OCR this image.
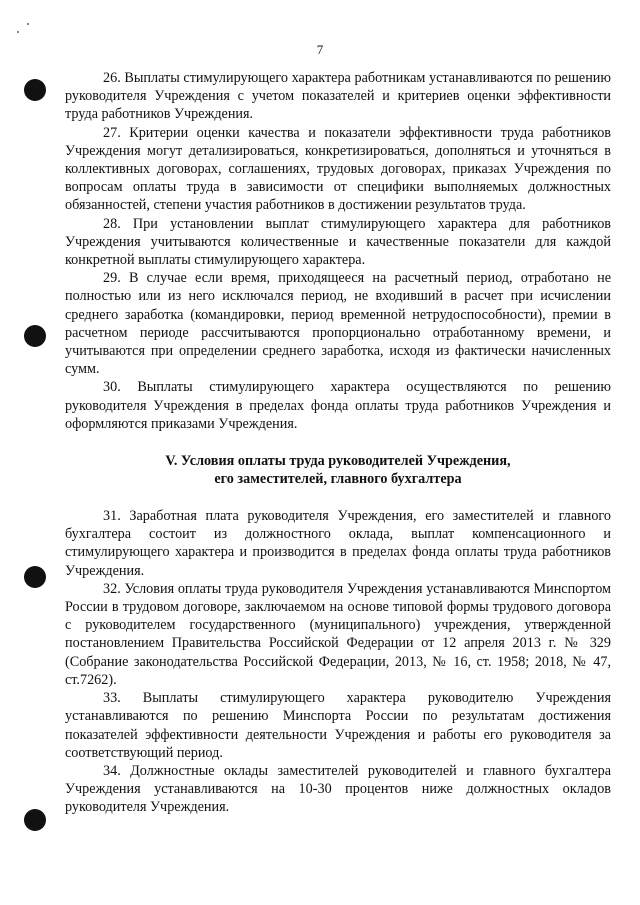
7

26. Выплаты стимулирующего характера работникам устанавливаются по решению руководителя Учреждения с учетом показателей и критериев оценки эффективности труда работников Учреждения.

27. Критерии оценки качества и показатели эффективности труда работников Учреждения могут детализироваться, конкретизироваться, дополняться и уточняться в коллективных договорах, соглашениях, трудовых договорах, приказах Учреждения по вопросам оплаты труда в зависимости от специфики выполняемых должностных обязанностей, степени участия работников в достижении результатов труда.

28. При установлении выплат стимулирующего характера для работников Учреждения учитываются количественные и качественные показатели для каждой конкретной выплаты стимулирующего характера.

29. В случае если время, приходящееся на расчетный период, отработано не полностью или из него исключался период, не входивший в расчет при исчислении среднего заработка (командировки, период временной нетрудоспособности), премии в расчетном периоде рассчитываются пропорционально отработанному времени, и учитываются при определении среднего заработка, исходя из фактически начисленных сумм.

30. Выплаты стимулирующего характера осуществляются по решению руководителя Учреждения в пределах фонда оплаты труда работников Учреждения и оформляются приказами Учреждения.

V. Условия оплаты труда руководителей Учреждения,
его заместителей, главного бухгалтера

31. Заработная плата руководителя Учреждения, его заместителей и главного бухгалтера состоит из должностного оклада, выплат компенсационного и стимулирующего характера и производится в пределах фонда оплаты труда работников Учреждения.

32. Условия оплаты труда руководителя Учреждения устанавливаются Минспортом России в трудовом договоре, заключаемом на основе типовой формы трудового договора с руководителем государственного (муниципального) учреждения, утвержденной постановлением Правительства Российской Федерации от 12 апреля 2013 г. № 329 (Собрание законодательства Российской Федерации, 2013, № 16, ст. 1958; 2018, № 47, ст.7262).

33. Выплаты стимулирующего характера руководителю Учреждения устанавливаются по решению Минспорта России по результатам достижения показателей эффективности деятельности Учреждения и работы его руководителя за соответствующий период.

34. Должностные оклады заместителей руководителей и главного бухгалтера Учреждения устанавливаются на 10-30 процентов ниже должностных окладов руководителя Учреждения.
